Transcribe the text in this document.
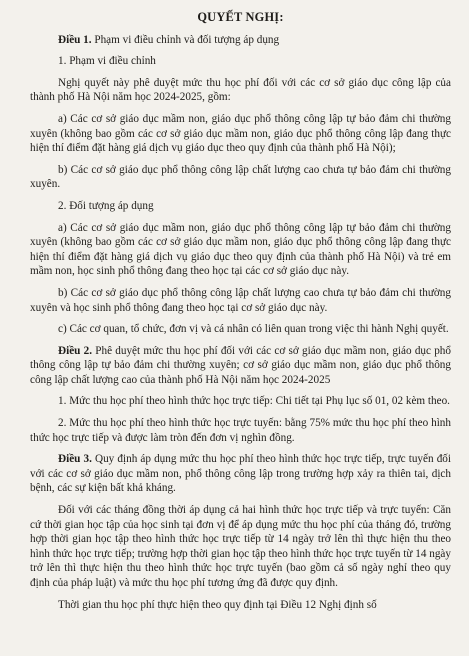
QUYẾT NGHỊ:

Điều 1. Phạm vi điều chỉnh và đối tượng áp dụng

1. Phạm vi điều chỉnh

Nghị quyết này phê duyệt mức thu học phí đối với các cơ sở giáo dục công lập của thành phố Hà Nội năm học 2024-2025, gồm:

a) Các cơ sở giáo dục mầm non, giáo dục phổ thông công lập tự bảo đảm chi thường xuyên (không bao gồm các cơ sở giáo dục mầm non, giáo dục phổ thông công lập đang thực hiện thí điểm đặt hàng giá dịch vụ giáo dục theo quy định của thành phố Hà Nội);

b) Các cơ sở giáo dục phổ thông công lập chất lượng cao chưa tự bảo đảm chi thường xuyên.

2. Đối tượng áp dụng

a) Các cơ sở giáo dục mầm non, giáo dục phổ thông công lập tự bảo đảm chi thường xuyên (không bao gồm các cơ sở giáo dục mầm non, giáo dục phổ thông công lập đang thực hiện thí điểm đặt hàng giá dịch vụ giáo dục theo quy định của thành phố Hà Nội) và trẻ em mầm non, học sinh phổ thông đang theo học tại các cơ sở giáo dục này.

b) Các cơ sở giáo dục phổ thông công lập chất lượng cao chưa tự bảo đảm chi thường xuyên và học sinh phổ thông đang theo học tại cơ sở giáo dục này.

c) Các cơ quan, tổ chức, đơn vị và cá nhân có liên quan trong việc thi hành Nghị quyết.

Điều 2. Phê duyệt mức thu học phí đối với các cơ sở giáo dục mầm non, giáo dục phổ thông công lập tự bảo đảm chi thường xuyên; cơ sở giáo dục mầm non, giáo dục phổ thông công lập chất lượng cao của thành phố Hà Nội năm học 2024-2025

1. Mức thu học phí theo hình thức học trực tiếp: Chi tiết tại Phụ lục số 01, 02 kèm theo.

2. Mức thu học phí theo hình thức học trực tuyến: bằng 75% mức thu học phí theo hình thức học trực tiếp và được làm tròn đến đơn vị nghìn đồng.

Điều 3. Quy định áp dụng mức thu học phí theo hình thức học trực tiếp, trực tuyến đối với các cơ sở giáo dục mầm non, phổ thông công lập trong trường hợp xảy ra thiên tai, dịch bệnh, các sự kiện bất khả kháng.

Đối với các tháng đồng thời áp dụng cả hai hình thức học trực tiếp và trực tuyến: Căn cứ thời gian học tập của học sinh tại đơn vị để áp dụng mức thu học phí của tháng đó, trường hợp thời gian học tập theo hình thức học trực tiếp từ 14 ngày trở lên thì thực hiện thu theo hình thức học trực tiếp; trường hợp thời gian học tập theo hình thức học trực tuyến từ 14 ngày trở lên thì thực hiện thu theo hình thức học trực tuyến (bao gồm cả số ngày nghỉ theo quy định của pháp luật) và mức thu học phí tương ứng đã được quy định.

Thời gian thu học phí thực hiện theo quy định tại Điều 12 Nghị định số
